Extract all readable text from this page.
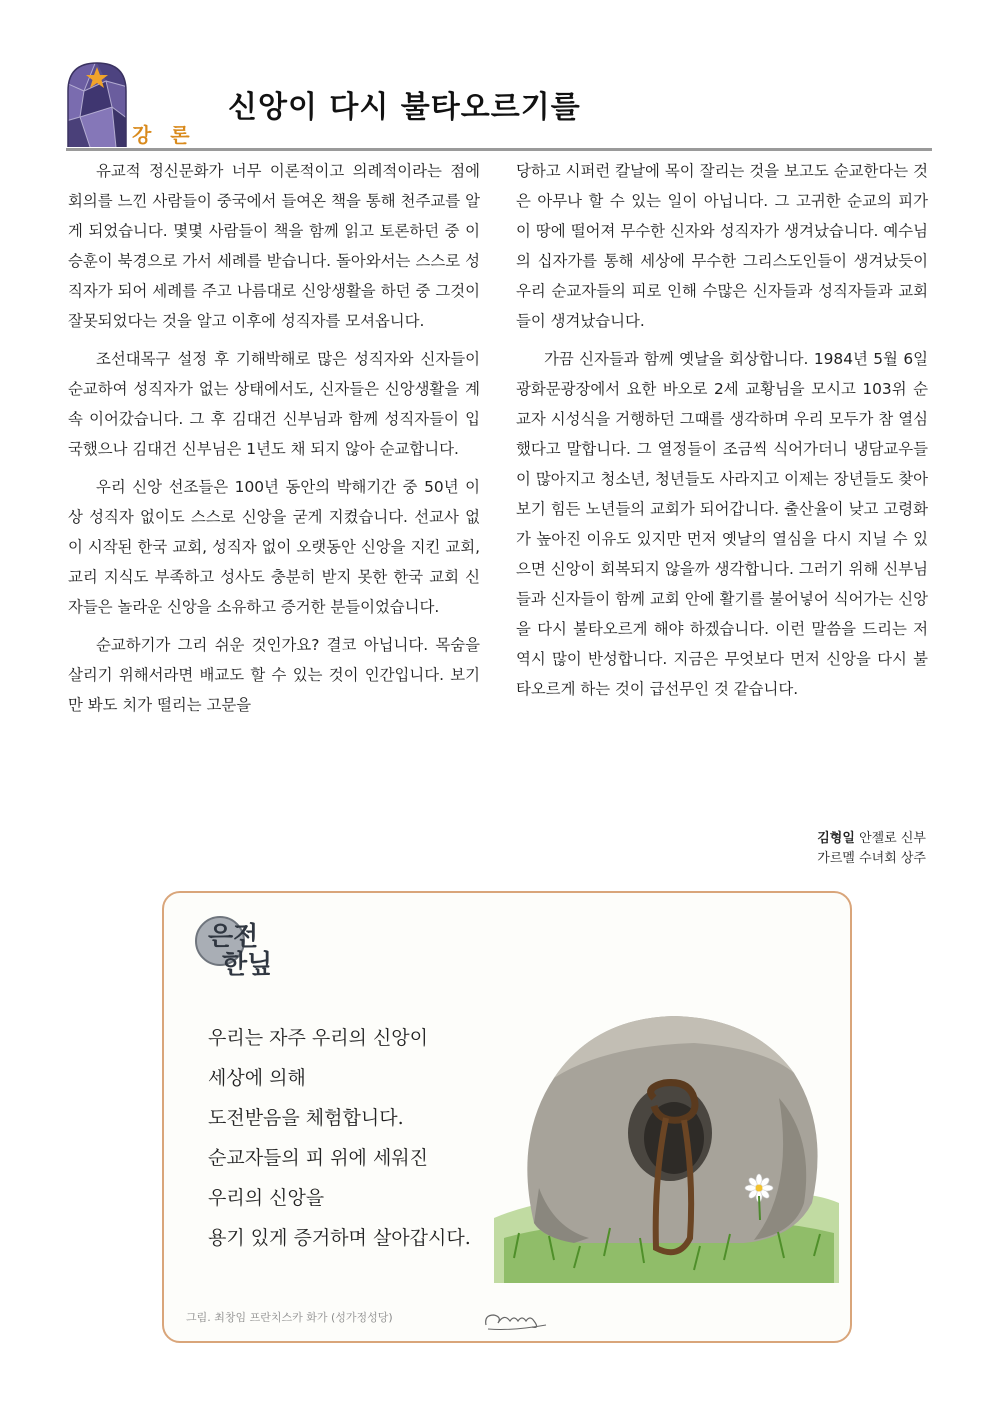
강 론
신앙이 다시 불타오르기를

유교적 정신문화가 너무 이론적이고 의례적이라는 점에 회의를 느낀 사람들이 중국에서 들여온 책을 통해 천주교를 알게 되었습니다. 몇몇 사람들이 책을 함께 읽고 토론하던 중 이승훈이 북경으로 가서 세례를 받습니다. 돌아와서는 스스로 성직자가 되어 세례를 주고 나름대로 신앙생활을 하던 중 그것이 잘못되었다는 것을 알고 이후에 성직자를 모셔옵니다.

조선대목구 설정 후 기해박해로 많은 성직자와 신자들이 순교하여 성직자가 없는 상태에서도, 신자들은 신앙생활을 계속 이어갔습니다. 그 후 김대건 신부님과 함께 성직자들이 입국했으나 김대건 신부님은 1년도 채 되지 않아 순교합니다.

우리 신앙 선조들은 100년 동안의 박해기간 중 50년 이상 성직자 없이도 스스로 신앙을 굳게 지켰습니다. 선교사 없이 시작된 한국 교회, 성직자 없이 오랫동안 신앙을 지킨 교회, 교리 지식도 부족하고 성사도 충분히 받지 못한 한국 교회 신자들은 놀라운 신앙을 소유하고 증거한 분들이었습니다.

순교하기가 그리 쉬운 것인가요? 결코 아닙니다. 목숨을 살리기 위해서라면 배교도 할 수 있는 것이 인간입니다. 보기만 봐도 치가 떨리는 고문을

당하고 시퍼런 칼날에 목이 잘리는 것을 보고도 순교한다는 것은 아무나 할 수 있는 일이 아닙니다. 그 고귀한 순교의 피가 이 땅에 떨어져 무수한 신자와 성직자가 생겨났습니다. 예수님의 십자가를 통해 세상에 무수한 그리스도인들이 생겨났듯이 우리 순교자들의 피로 인해 수많은 신자들과 성직자들과 교회들이 생겨났습니다.

가끔 신자들과 함께 옛날을 회상합니다. 1984년 5월 6일 광화문광장에서 요한 바오로 2세 교황님을 모시고 103위 순교자 시성식을 거행하던 그때를 생각하며 우리 모두가 참 열심했다고 말합니다. 그 열정들이 조금씩 식어가더니 냉담교우들이 많아지고 청소년, 청년들도 사라지고 이제는 장년들도 찾아보기 힘든 노년들의 교회가 되어갑니다. 출산율이 낮고 고령화가 높아진 이유도 있지만 먼저 옛날의 열심을 다시 지닐 수 있으면 신앙이 회복되지 않을까 생각합니다. 그러기 위해 신부님들과 신자들이 함께 교회 안에 활기를 불어넣어 식어가는 신앙을 다시 불타오르게 해야 하겠습니다. 이런 말씀을 드리는 저 역시 많이 반성합니다. 지금은 무엇보다 먼저 신앙을 다시 불타오르게 하는 것이 급선무인 것 같습니다.

김형일 안젤로 신부
가르멜 수녀회 상주
은전
한닢
우리는 자주 우리의 신앙이
세상에 의해
도전받음을 체험합니다.
순교자들의 피 위에 세워진
우리의 신앙을
용기 있게 증거하며 살아갑시다.
그림. 최창임 프란치스카 화가 (성가정성당)
